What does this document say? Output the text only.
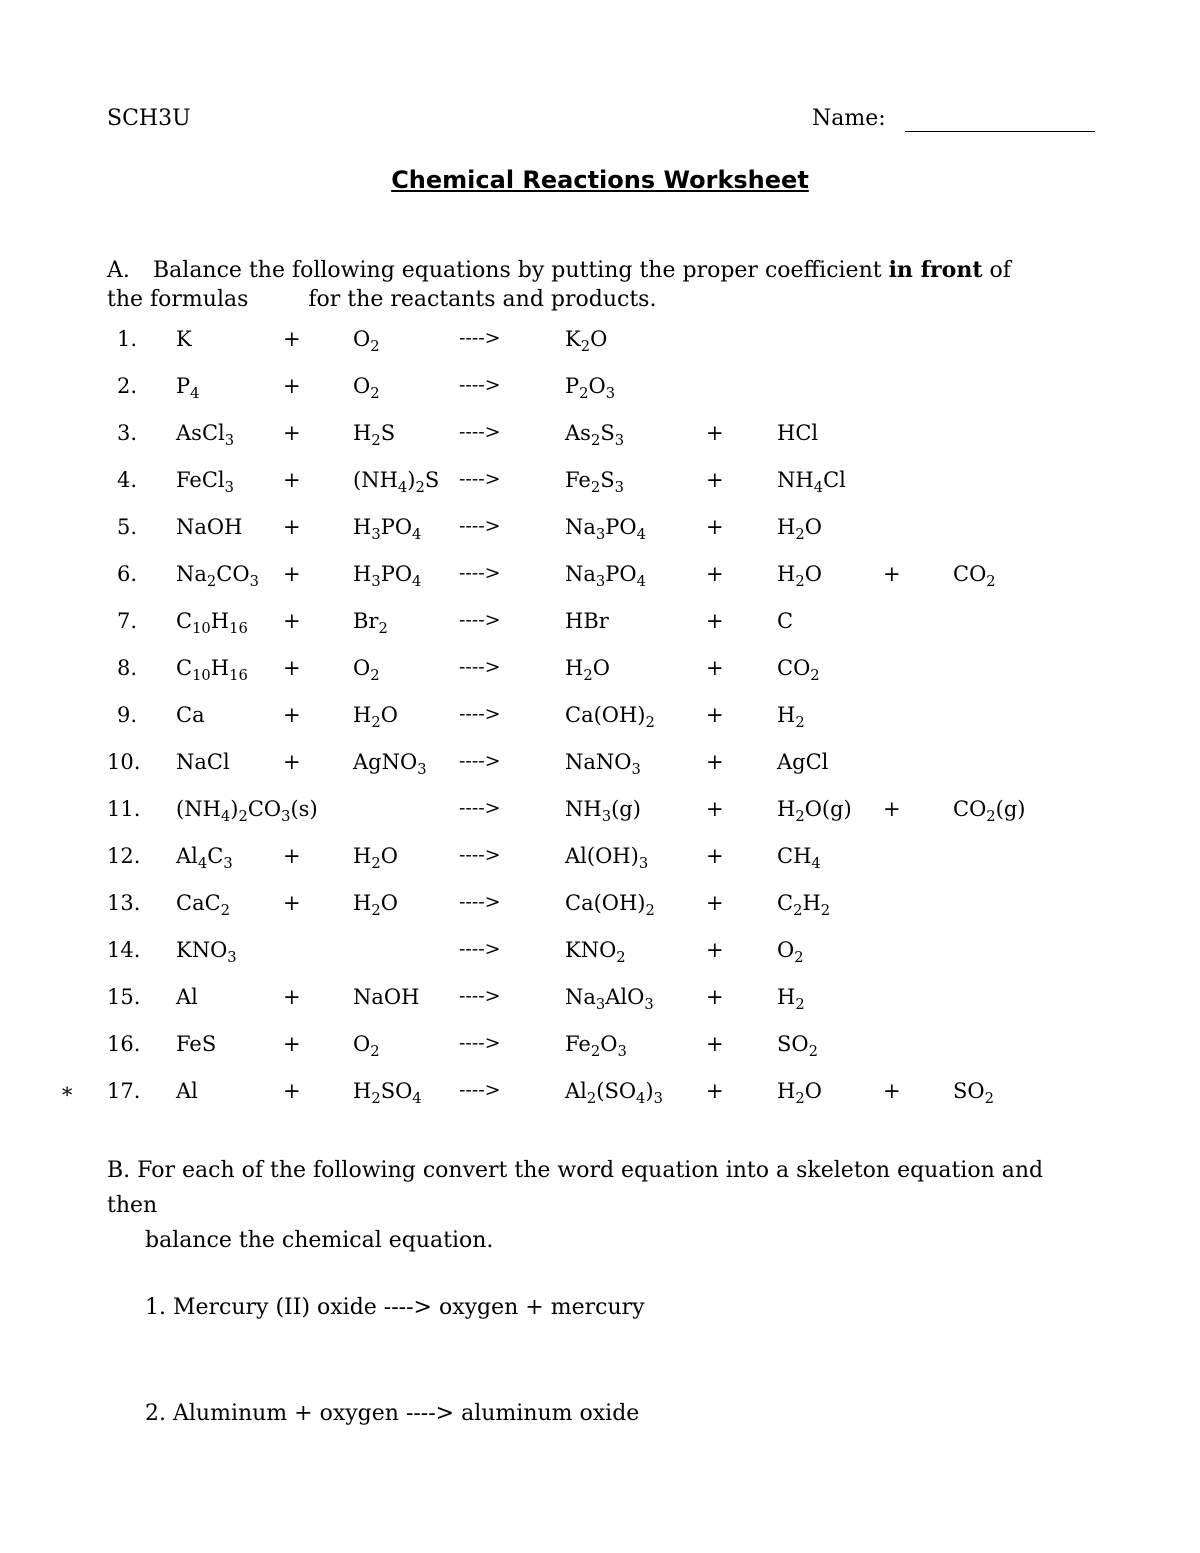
SCH3U	Name:
Chemical Reactions Worksheet
A. Balance the following equations by putting the proper coefficient in front of
the formulas	for the reactants and products.
1. K	+ $O_2$	---->	$K_2O$
2. $P_4$	+ $O_2$	---->	$P_2O_3$
3. AsCl$_3$ + $H_2S$	---->	$As_2S_3$	+	HCl
4. FeCl$_3$ + $(NH_4)_2S$ ---->	$Fe_2S_3$	+	$NH_4Cl$
5. NaOH + $H_3PO_4$ ---->	$Na_3PO_4$	+	$H_2O$
6. $Na_2CO_3 + H_3PO_4$ ---->	$Na_3PO_4$	+	$H_2O$	+ $CO_2$
7. $C_{10}H_{16} + Br_2$	---->	HBr	+	C
8. $C_{10}H_{16} + O_2$	---->	$H_2O$	+	$CO_2$
9. Ca	+ $H_2O$	---->	$Ca(OH)_2$ +	$H_2$
10. NaCl	+ AgNO$_3$ ---->	NaNO$_3$	+	AgCl
11. $(NH_4)_2CO_3(s)$	---->	$NH_3(g)$	+	$H_2O(g) + CO_2(g)$
12. $Al_4C_3 + H_2O$	---->	$Al(OH)_3$	+	$CH_4$
13. CaC$_2$	+ $H_2O$	---->	$Ca(OH)_2$ +	$C_2H_2$
14. $KNO_3$	---->	$KNO_2$	+	$O_2$
15. Al	+ NaOH ---->	$Na_3AlO_3$ +	$H_2$
16. FeS	+ $O_2$	---->	$Fe_2O_3$	+	$SO_2$
∗ 17. Al	+ $H_2SO_4$ ---->	$Al_2(SO_4)_3$ +	$H_2O$	+ $SO_2$
B. For each of the following convert the word equation into a skeleton equation and then
balance the chemical equation.
1. Mercury (II) oxide ----> oxygen + mercury
2. Aluminum + oxygen ----> aluminum oxide
